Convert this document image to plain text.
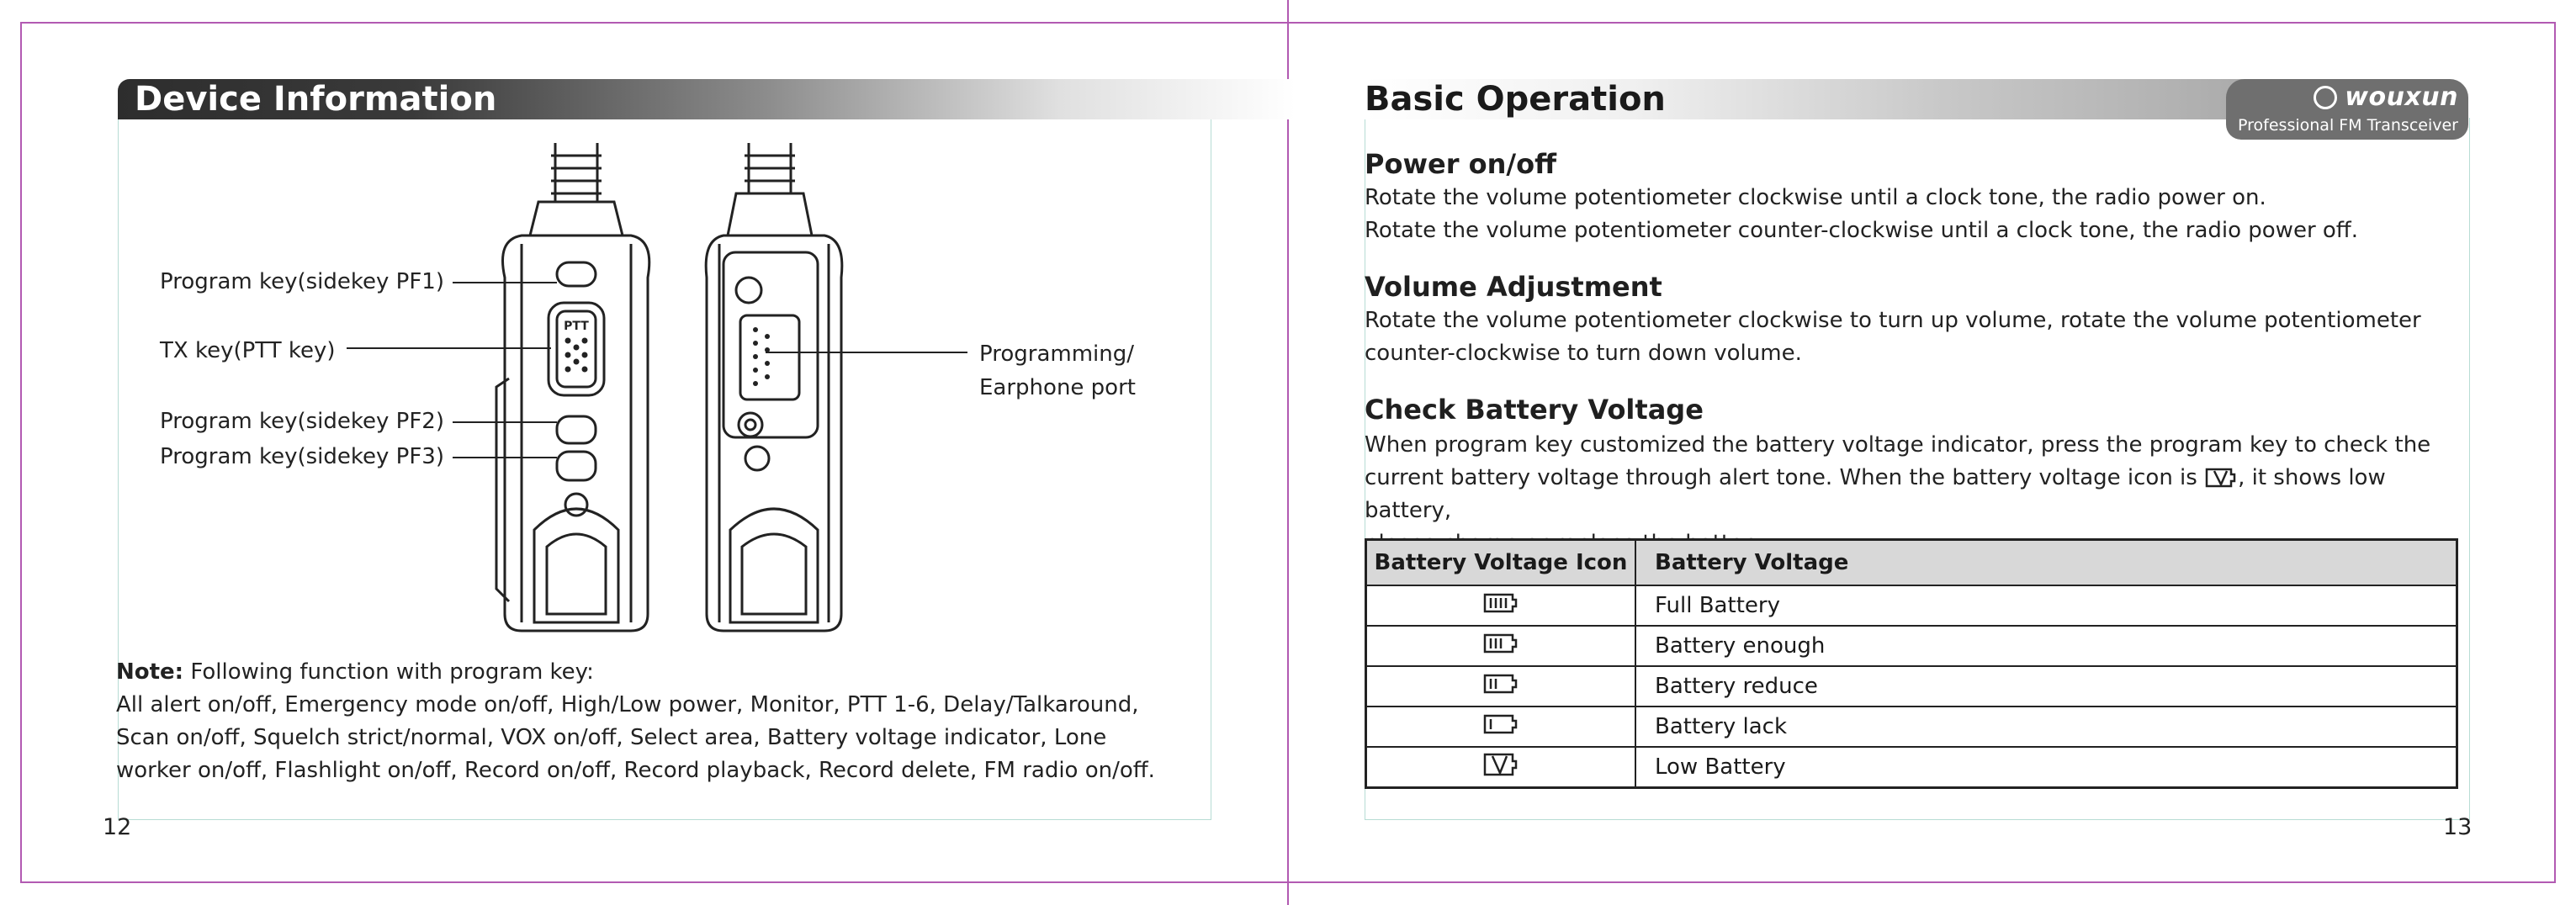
Device Information
PTT
Program key(sidekey PF1)
TX key(PTT key)
Program key(sidekey PF2)
Program key(sidekey PF3)
Programming/
Earphone port
Note: Following function with program key:
All alert on/off, Emergency mode on/off, High/Low power, Monitor, PTT 1-6, Delay/Talkaround,
Scan on/off, Squelch strict/normal, VOX on/off, Select area, Battery voltage indicator, Lone
worker on/off, Flashlight on/off, Record on/off, Record playback, Record delete, FM radio on/off.
12
Basic Operation	wouxun
Professional FM Transceiver
Power on/off
Rotate the volume potentiometer clockwise until a clock tone, the radio power on.
Rotate the volume potentiometer counter-clockwise until a clock tone, the radio power off.
Volume Adjustment
Rotate the volume potentiometer clockwise to turn up volume, rotate the volume potentiometer
counter-clockwise to turn down volume.
Check Battery Voltage
When program key customized the battery voltage indicator, press the program key to check the
current battery voltage through alert tone. When the battery voltage icon is , it shows low battery,
Battery Voltage Icon	Battery Voltage
	Full Battery
	Battery enough
	Battery reduce
	Battery lack
	Low Battery
13
